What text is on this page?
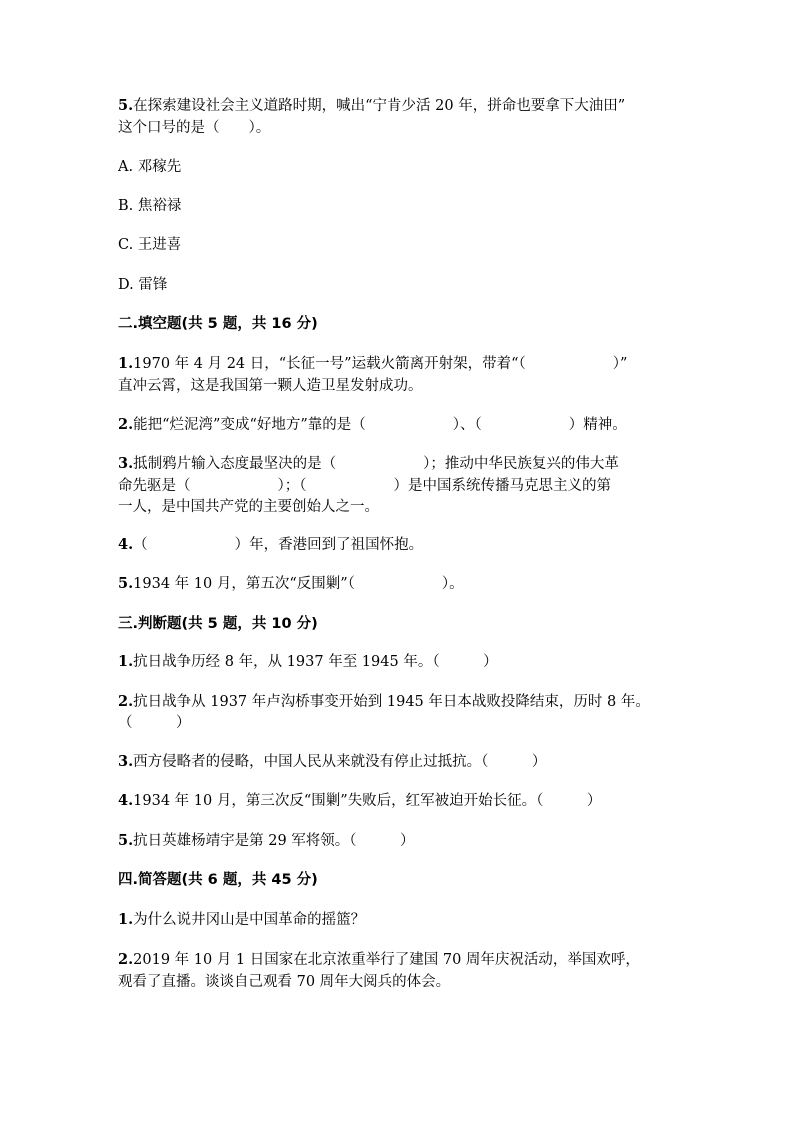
5.在探索建设社会主义道路时期，喊出“宁肯少活 20 年，拼命也要拿下大油田”
这个口号的是（　　）。
A. 邓稼先
B. 焦裕禄
C. 王进喜
D. 雷锋
二.填空题(共 5 题，共 16 分)
1.1970 年 4 月 24 日，“长征一号”运载火箭离开射架，带着“（　　　　　　）”
直冲云霄，这是我国第一颗人造卫星发射成功。
2.能把“烂泥湾”变成“好地方”靠的是（　　　　　　）、（　　　　　　）精神。
3.抵制鸦片输入态度最坚决的是（　　　　　　）；推动中华民族复兴的伟大革
命先驱是（　　　　　　）；（　　　　　　）是中国系统传播马克思主义的第
一人，是中国共产党的主要创始人之一。
4.（　　　　　　）年，香港回到了祖国怀抱。
5.1934 年 10 月，第五次“反围剿”（　　　　　　）。
三.判断题(共 5 题，共 10 分)
1.抗日战争历经 8 年，从 1937 年至 1945 年。（　　　）
2.抗日战争从 1937 年卢沟桥事变开始到 1945 年日本战败投降结束，历时 8 年。
（　　　）
3.西方侵略者的侵略，中国人民从来就没有停止过抵抗。（　　　）
4.1934 年 10 月，第三次反“围剿”失败后，红军被迫开始长征。（　　　）
5.抗日英雄杨靖宇是第 29 军将领。（　　　）
四.简答题(共 6 题，共 45 分)
1.为什么说井冈山是中国革命的摇篮？
2.2019 年 10 月 1 日国家在北京浓重举行了建国 70 周年庆祝活动，举国欢呼，
观看了直播。谈谈自己观看 70 周年大阅兵的体会。
